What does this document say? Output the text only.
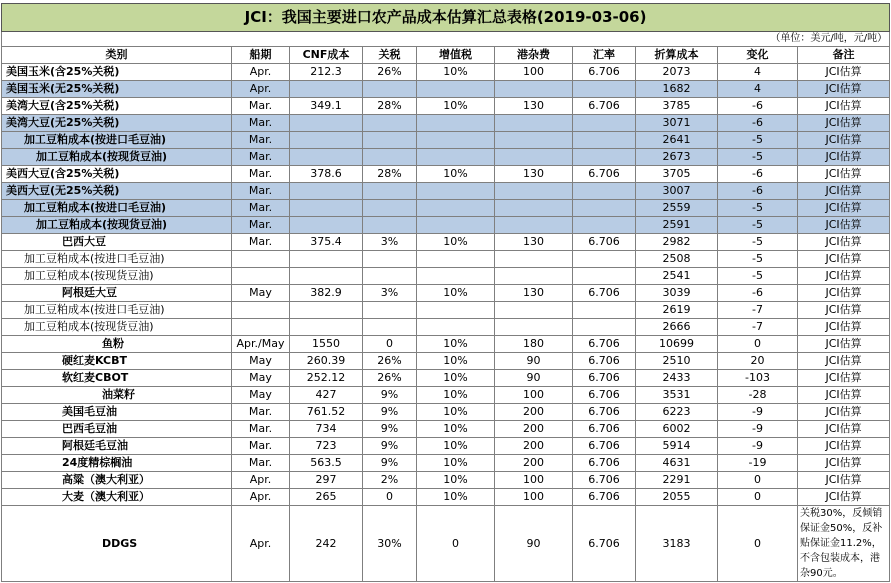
JCI：我国主要进口农产品成本估算汇总表格(2019-03-06)									
（单位：美元/吨，元/吨）									
类别	船期	CNF成本	关税	增值税	港杂费	汇率	折算成本	变化	备注
美国玉米(含25%关税)	Apr.	212.3	26%	10%	100	6.706	2073	4	JCI估算
美国玉米(无25%关税)	Apr.						1682	4	JCI估算
美湾大豆(含25%关税)	Mar.	349.1	28%	10%	130	6.706	3785	-6	JCI估算
美湾大豆(无25%关税)	Mar.						3071	-6	JCI估算
加工豆粕成本(按进口毛豆油)	Mar.						2641	-5	JCI估算
加工豆粕成本(按现货豆油)	Mar.						2673	-5	JCI估算
美西大豆(含25%关税)	Mar.	378.6	28%	10%	130	6.706	3705	-6	JCI估算
美西大豆(无25%关税)	Mar.						3007	-6	JCI估算
加工豆粕成本(按进口毛豆油)	Mar.						2559	-5	JCI估算
加工豆粕成本(按现货豆油)	Mar.						2591	-5	JCI估算
巴西大豆	Mar.	375.4	3%	10%	130	6.706	2982	-5	JCI估算
加工豆粕成本(按进口毛豆油)							2508	-5	JCI估算
加工豆粕成本(按现货豆油)							2541	-5	JCI估算
阿根廷大豆	May	382.9	3%	10%	130	6.706	3039	-6	JCI估算
加工豆粕成本(按进口毛豆油)							2619	-7	JCI估算
加工豆粕成本(按现货豆油)							2666	-7	JCI估算
鱼粉	Apr./May	1550	0	10%	180	6.706	10699	0	JCI估算
硬红麦KCBT	May	260.39	26%	10%	90	6.706	2510	20	JCI估算
软红麦CBOT	May	252.12	26%	10%	90	6.706	2433	-103	JCI估算
油菜籽	May	427	9%	10%	100	6.706	3531	-28	JCI估算
美国毛豆油	Mar.	761.52	9%	10%	200	6.706	6223	-9	JCI估算
巴西毛豆油	Mar.	734	9%	10%	200	6.706	6002	-9	JCI估算
阿根廷毛豆油	Mar.	723	9%	10%	200	6.706	5914	-9	JCI估算
24度精棕榈油	Mar.	563.5	9%	10%	200	6.706	4631	-19	JCI估算
高粱（澳大利亚）	Apr.	297	2%	10%	100	6.706	2291	0	JCI估算
大麦（澳大利亚）	Apr.	265	0	10%	100	6.706	2055	0	JCI估算
DDGS	Apr.	242	30%	0	90	6.706	3183	0	关税30%，反倾销保证金50%，反补贴保证金11.2%，不含包装成本，港杂90元。
